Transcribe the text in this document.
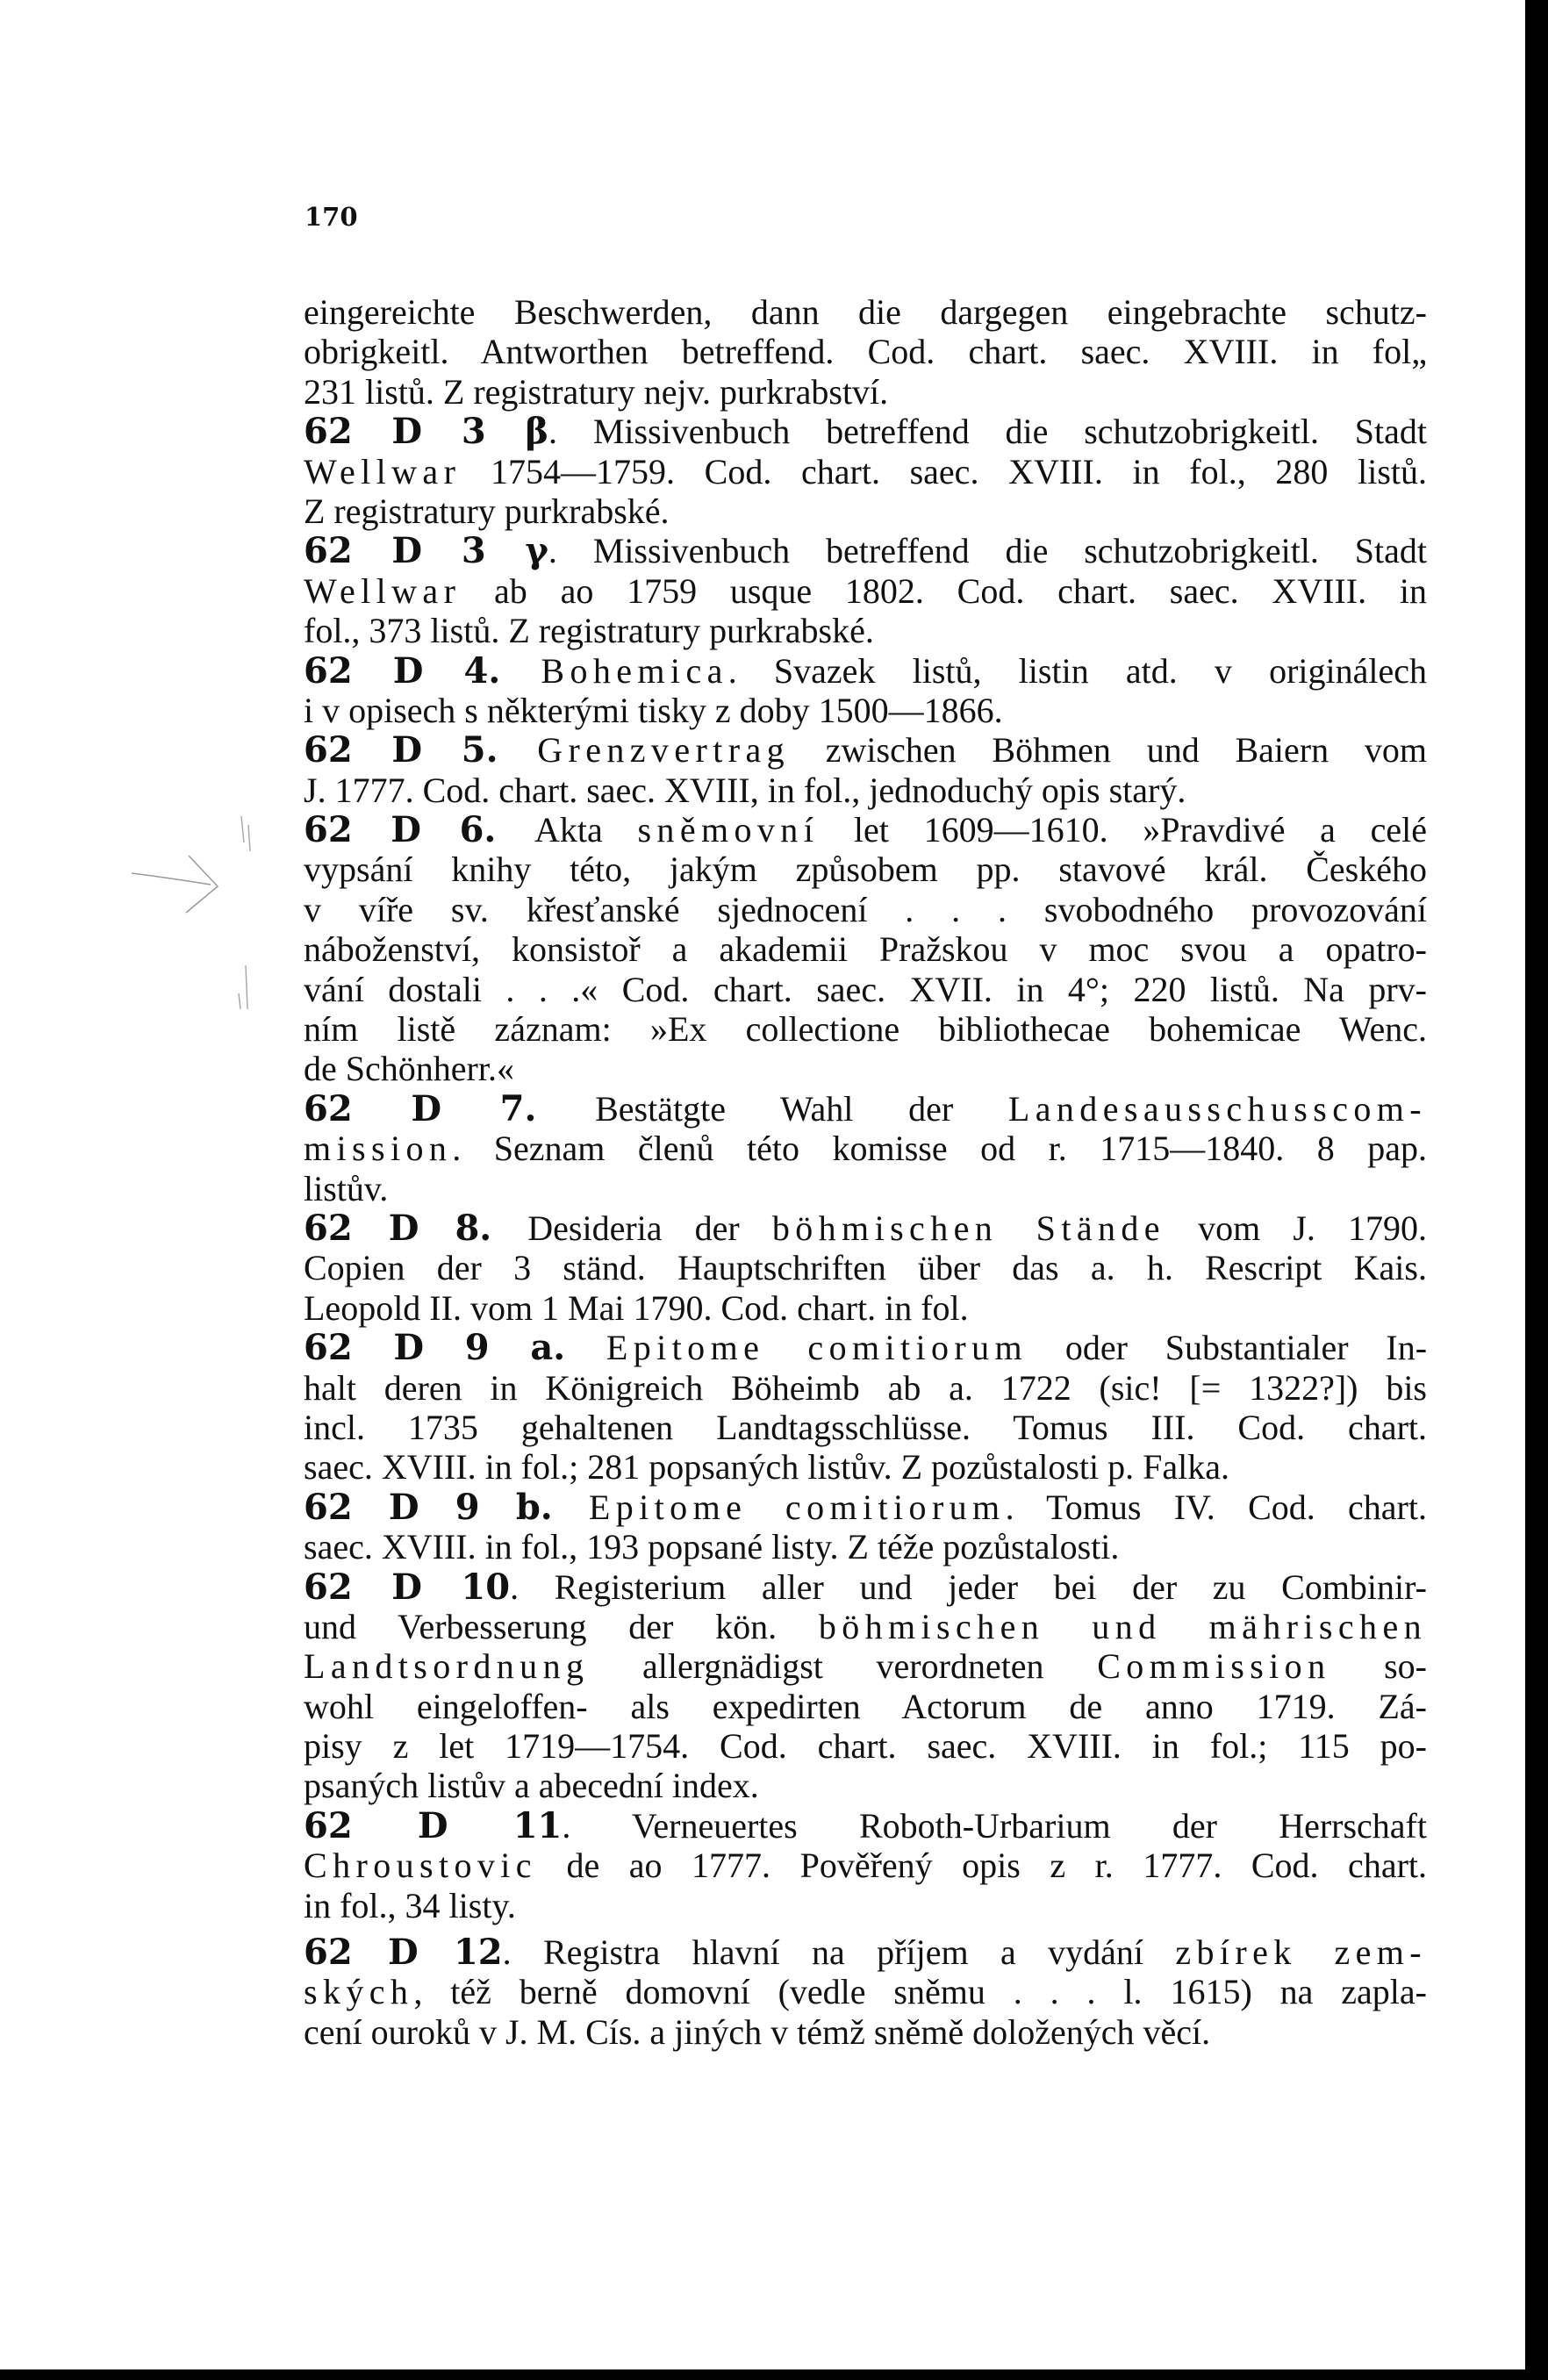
170
eingereichte Beschwerden, dann die dargegen eingebrachte schutz-
obrigkeitl. Antworthen betreffend. Cod. chart. saec. XVIII. in fol„
231 listů. Z registratury nejv. purkrabství.
62 D 3 β. Missivenbuch betreffend die schutzobrigkeitl. Stadt
Wellwar 1754—1759. Cod. chart. saec. XVIII. in fol., 280 listů.
Z registratury purkrabské.
62 D 3 γ. Missivenbuch betreffend die schutzobrigkeitl. Stadt
Wellwar ab ao 1759 usque 1802. Cod. chart. saec. XVIII. in
fol., 373 listů. Z registratury purkrabské.
62 D 4. Bohemica. Svazek listů, listin atd. v originálech
i v opisech s některými tisky z doby 1500—1866.
62 D 5. Grenzvertrag zwischen Böhmen und Baiern vom
J. 1777. Cod. chart. saec. XVIII, in fol., jednoduchý opis starý.
62 D 6. Akta sněmovní let 1609—1610. »Pravdivé a celé
vypsání knihy této, jakým způsobem pp. stavové král. Českého
v víře sv. křesťanské sjednocení . . . svobodného provozování
náboženství, konsistoř a akademii Pražskou v moc svou a opatro-
vání dostali . . .« Cod. chart. saec. XVII. in 4°; 220 listů. Na prv-
ním listě záznam: »Ex collectione bibliothecae bohemicae Wenc.
de Schönherr.«
62 D 7. Bestätgte Wahl der Landesausschusscom-
mission. Seznam členů této komisse od r. 1715—1840. 8 pap.
listův.
62 D 8. Desideria der böhmischen Stände vom J. 1790.
Copien der 3 ständ. Hauptschriften über das a. h. Rescript Kais.
Leopold II. vom 1 Mai 1790. Cod. chart. in fol.
62 D 9 a. Epitome comitiorum oder Substantialer In-
halt deren in Königreich Böheimb ab a. 1722 (sic! [= 1322?]) bis
incl. 1735 gehaltenen Landtagsschlüsse. Tomus III. Cod. chart.
saec. XVIII. in fol.; 281 popsaných listův. Z pozůstalosti p. Falka.
62 D 9 b. Epitome comitiorum. Tomus IV. Cod. chart.
saec. XVIII. in fol., 193 popsané listy. Z téže pozůstalosti.
62 D 10. Registerium aller und jeder bei der zu Combinir-
und Verbesserung der kön. böhmischen und mährischen
Landtsordnung allergnädigst verordneten Commission so-
wohl eingeloffen- als expedirten Actorum de anno 1719. Zá-
pisy z let 1719—1754. Cod. chart. saec. XVIII. in fol.; 115 po-
psaných listův a abecední index.
62 D 11. Verneuertes Roboth-Urbarium der Herrschaft
Chroustovic de ao 1777. Pověřený opis z r. 1777. Cod. chart.
in fol., 34 listy.
62 D 12. Registra hlavní na příjem a vydání zbírek zem-
ských, též berně domovní (vedle sněmu . . . l. 1615) na zapla-
cení ouroků v J. M. Cís. a jiných v témž sněmě doložených věcí.
